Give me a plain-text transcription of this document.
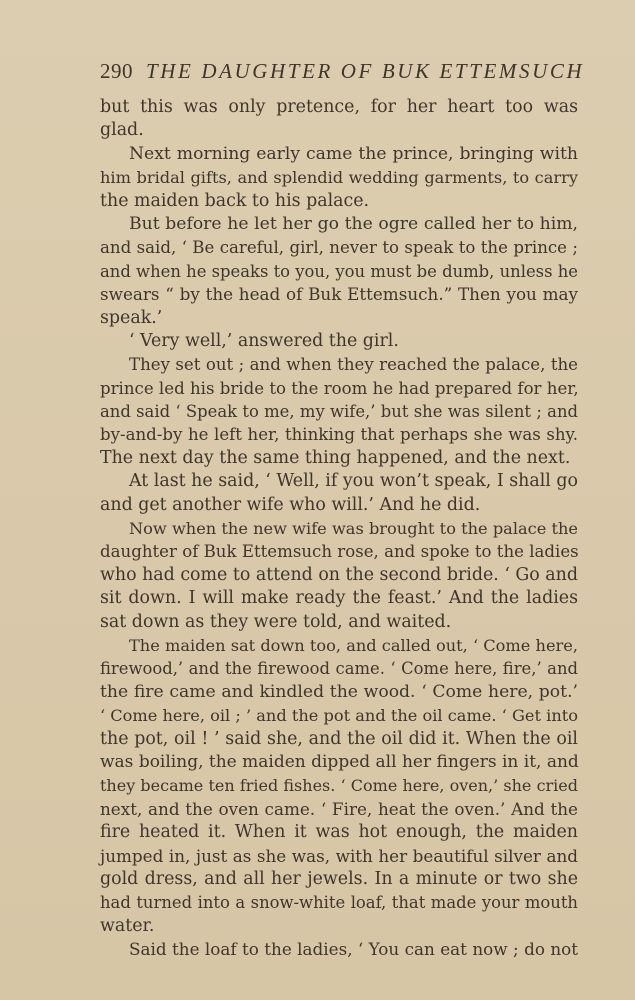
290 THE DAUGHTER OF BUK ETTEMSUCH
but this was only pretence, for her heart too was
glad.
Next morning early came the prince, bringing with
him bridal gifts, and splendid wedding garments, to carry
the maiden back to his palace.
But before he let her go the ogre called her to him,
and said, ‘ Be careful, girl, never to speak to the prince ;
and when he speaks to you, you must be dumb, unless he
swears “ by the head of Buk Ettemsuch.” Then you may
speak.’
‘ Very well,’ answered the girl.
They set out ; and when they reached the palace, the
prince led his bride to the room he had prepared for her,
and said ‘ Speak to me, my wife,’ but she was silent ; and
by-and-by he left her, thinking that perhaps she was shy.
The next day the same thing happened, and the next.
At last he said, ‘ Well, if you won’t speak, I shall go
and get another wife who will.’ And he did.
Now when the new wife was brought to the palace the
daughter of Buk Ettemsuch rose, and spoke to the ladies
who had come to attend on the second bride. ‘ Go and
sit down. I will make ready the feast.’ And the ladies
sat down as they were told, and waited.
The maiden sat down too, and called out, ‘ Come here,
firewood,’ and the firewood came. ‘ Come here, fire,’ and
the fire came and kindled the wood. ‘ Come here, pot.’
‘ Come here, oil ; ’ and the pot and the oil came. ‘ Get into
the pot, oil ! ’ said she, and the oil did it. When the oil
was boiling, the maiden dipped all her fingers in it, and
they became ten fried fishes. ‘ Come here, oven,’ she cried
next, and the oven came. ‘ Fire, heat the oven.’ And the
fire heated it. When it was hot enough, the maiden
jumped in, just as she was, with her beautiful silver and
gold dress, and all her jewels. In a minute or two she
had turned into a snow-white loaf, that made your mouth
water.
Said the loaf to the ladies, ‘ You can eat now ; do not
